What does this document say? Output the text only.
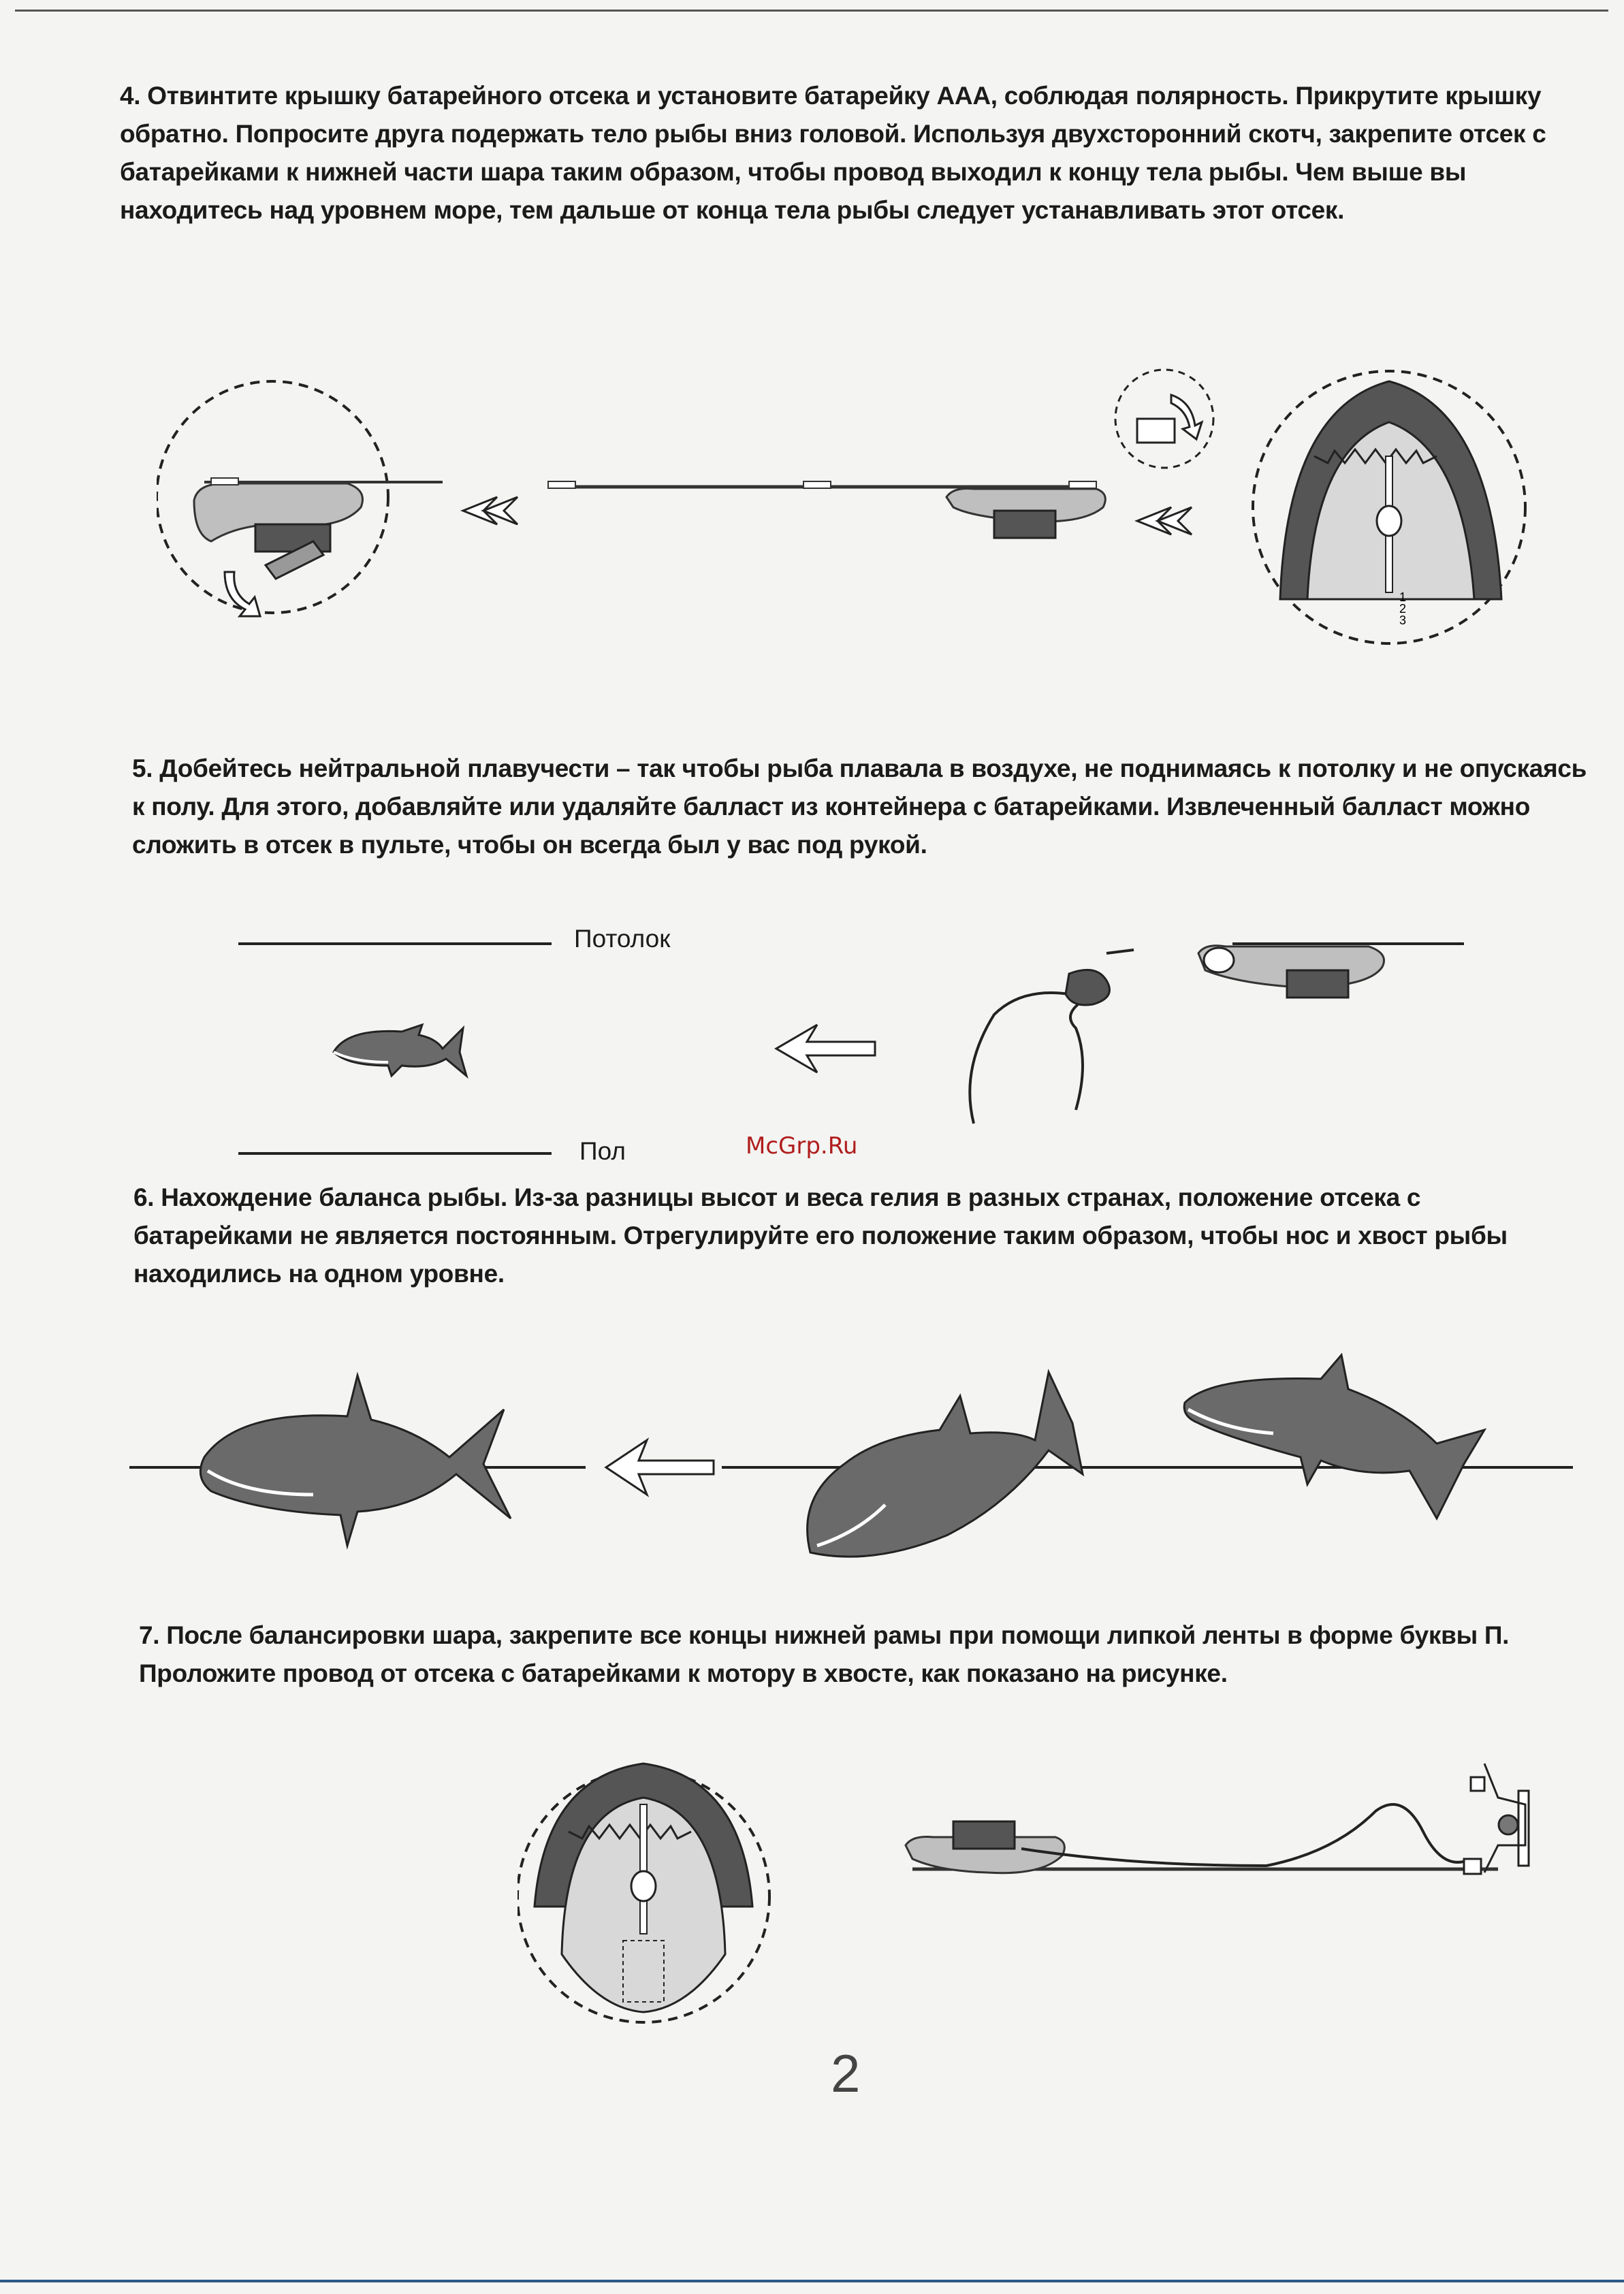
4. Отвинтите крышку батарейного отсека и установите батарейку ААА, соблюдая полярность. Прикрутите крышку обратно. Попросите друга подержать тело рыбы вниз головой. Используя двухсторонний скотч, закрепите отсек с батарейками к нижней части шара таким образом, чтобы провод выходил к концу тела рыбы. Чем выше вы находитесь над уровнем море, тем дальше от конца тела рыбы следует устанавливать этот отсек.

1
2
3

5. Добейтесь нейтральной плавучести – так чтобы рыба плавала в воздухе, не поднимаясь к потолку и не опускаясь к полу. Для этого, добавляйте или удаляйте балласт из контейнера с батарейками. Извлеченный балласт можно сложить в отсек в пульте, чтобы он всегда был у вас под рукой.

Потолок
Пол	McGrp.Ru

6. Нахождение баланса рыбы. Из-за разницы высот и веса гелия в разных странах, положение отсека с батарейками не является постоянным. Отрегулируйте его положение таким образом, чтобы нос и хвост рыбы находились на одном уровне.

7. После балансировки шара, закрепите все концы нижней рамы при помощи липкой ленты в форме буквы П. Проложите провод от отсека с батарейками к мотору в хвосте, как показано на рисунке.

2
